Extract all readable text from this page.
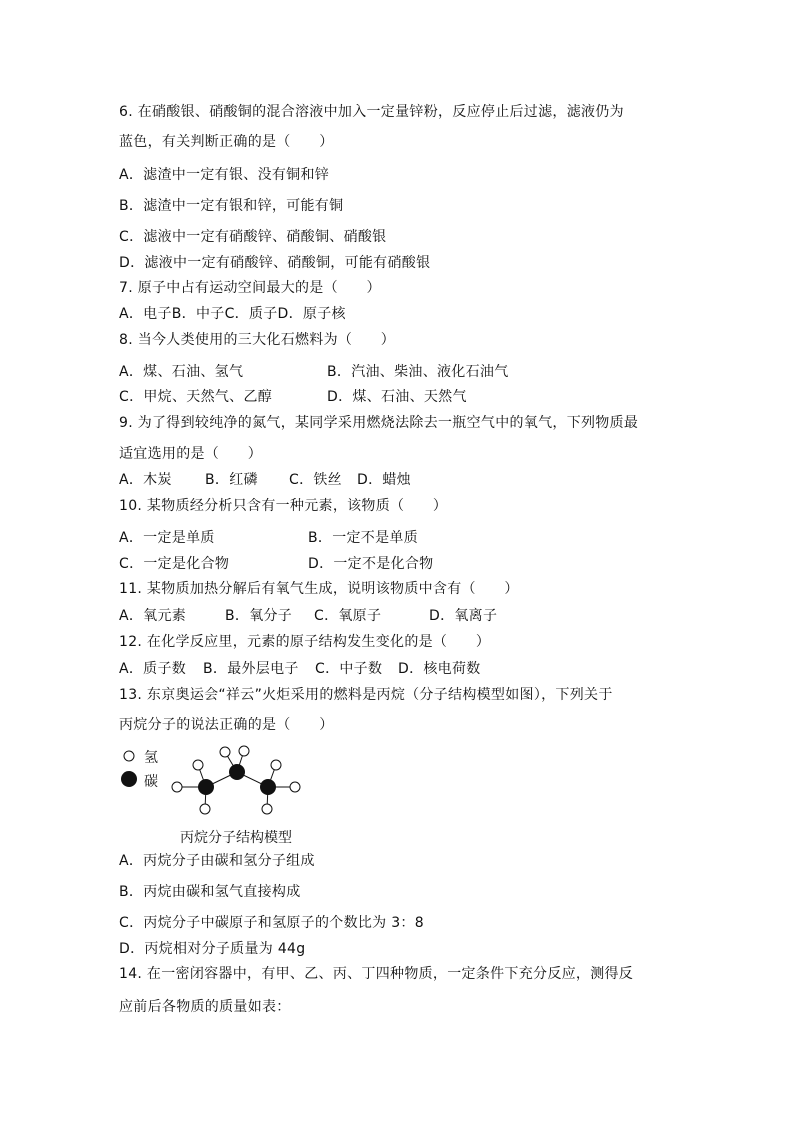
6. 在硝酸银、硝酸铜的混合溶液中加入一定量锌粉，反应停止后过滤，滤液仍为
蓝色，有关判断正确的是（　　）
A．滤渣中一定有银、没有铜和锌
B．滤渣中一定有银和锌，可能有铜
C．滤液中一定有硝酸锌、硝酸铜、硝酸银
D．滤液中一定有硝酸锌、硝酸铜，可能有硝酸银
7. 原子中占有运动空间最大的是（　　）
A．电子B．中子C．质子D．原子核
8. 当今人类使用的三大化石燃料为（　　）
A．煤、石油、氢气	B．汽油、柴油、液化石油气
C．甲烷、天然气、乙醇	D．煤、石油、天然气
9. 为了得到较纯净的氮气，某同学采用燃烧法除去一瓶空气中的氧气，下列物质最
适宜选用的是（　　）
A．木炭 B．红磷 C．铁丝 D．蜡烛
10. 某物质经分析只含有一种元素，该物质（　　）
A．一定是单质	B．一定不是单质
C．一定是化合物	D．一定不是化合物
11. 某物质加热分解后有氧气生成，说明该物质中含有（　　）
A．氧元素	B．氧分子 C．氧原子	D．氧离子
12. 在化学反应里，元素的原子结构发生变化的是（　　）
A．质子数 B．最外层电子 C．中子数 D．核电荷数
13. 东京奥运会“祥云”火炬采用的燃料是丙烷（分子结构模型如图），下列关于
丙烷分子的说法正确的是（　　）
氢
碳
丙烷分子结构模型
A．丙烷分子由碳和氢分子组成
B．丙烷由碳和氢气直接构成
C．丙烷分子中碳原子和氢原子的个数比为 3：8
D．丙烷相对分子质量为 44g
14. 在一密闭容器中，有甲、乙、丙、丁四种物质，一定条件下充分反应，测得反
应前后各物质的质量如表：
